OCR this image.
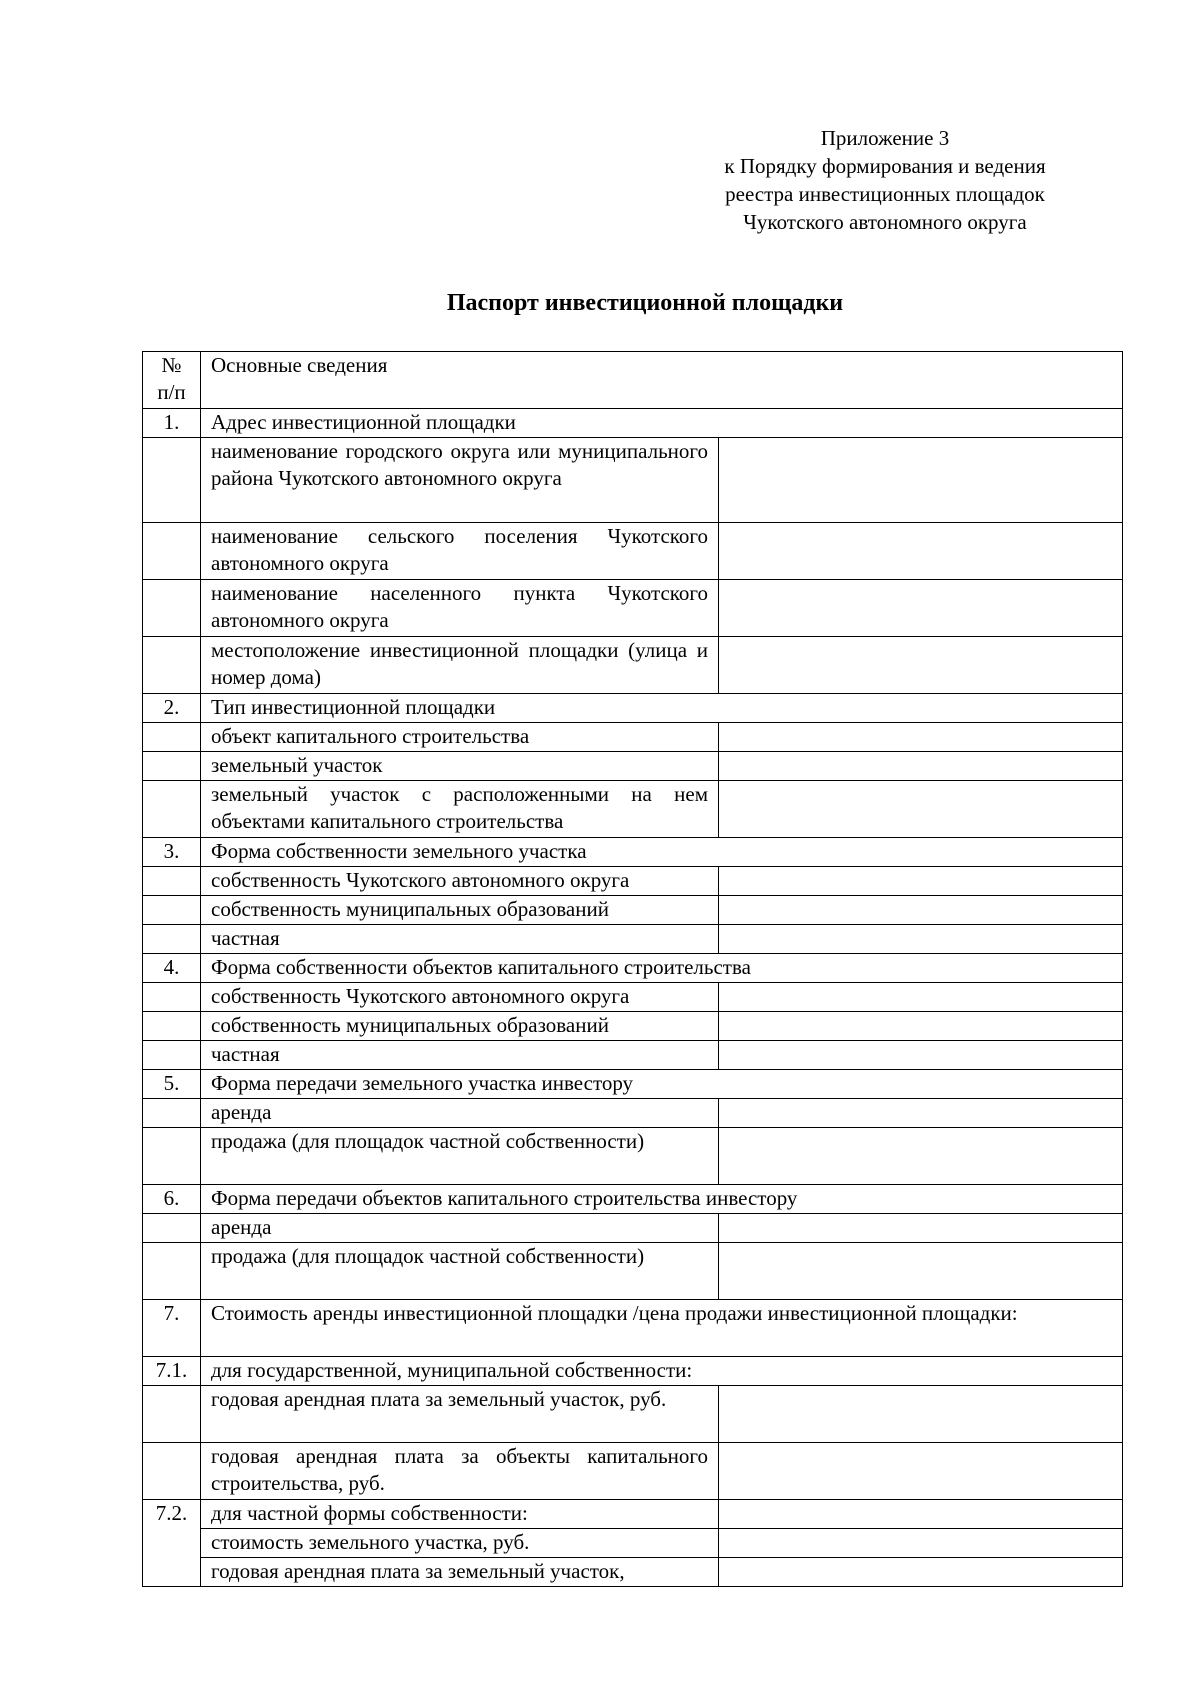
Приложение 3
к Порядку формирования и ведения
реестра инвестиционных площадок
Чукотского автономного округа
Паспорт инвестиционной площадки
№
п/п	Основные сведения	
1.	Адрес инвестиционной площадки	
	наименование городского округа или муниципального района Чукотского автономного округа	
	наименование сельского поселения Чукотского автономного округа	
	наименование населенного пункта Чукотского автономного округа	
	местоположение инвестиционной площадки (улица и номер дома)	
2.	Тип инвестиционной площадки	
	объект капитального строительства	
	земельный участок	
	земельный участок с расположенными на нем объектами капитального строительства	
3.	Форма собственности земельного участка	
	собственность Чукотского автономного округа	
	собственность муниципальных образований	
	частная	
4.	Форма собственности объектов капитального строительства	
	собственность Чукотского автономного округа	
	собственность муниципальных образований	
	частная	
5.	Форма передачи земельного участка инвестору	
	аренда	
	продажа (для площадок частной собственности)	
6.	Форма передачи объектов капитального строительства инвестору	
	аренда	
	продажа (для площадок частной собственности)	
7.	Стоимость аренды инвестиционной площадки /цена продажи инвестиционной площадки:	
7.1.	для государственной, муниципальной собственности:	
	годовая арендная плата за земельный участок, руб.	
	годовая арендная плата за объекты капитального строительства, руб.	
7.2.	для частной формы собственности:	
	стоимость земельного участка, руб.	
	годовая арендная плата за земельный участок,	
